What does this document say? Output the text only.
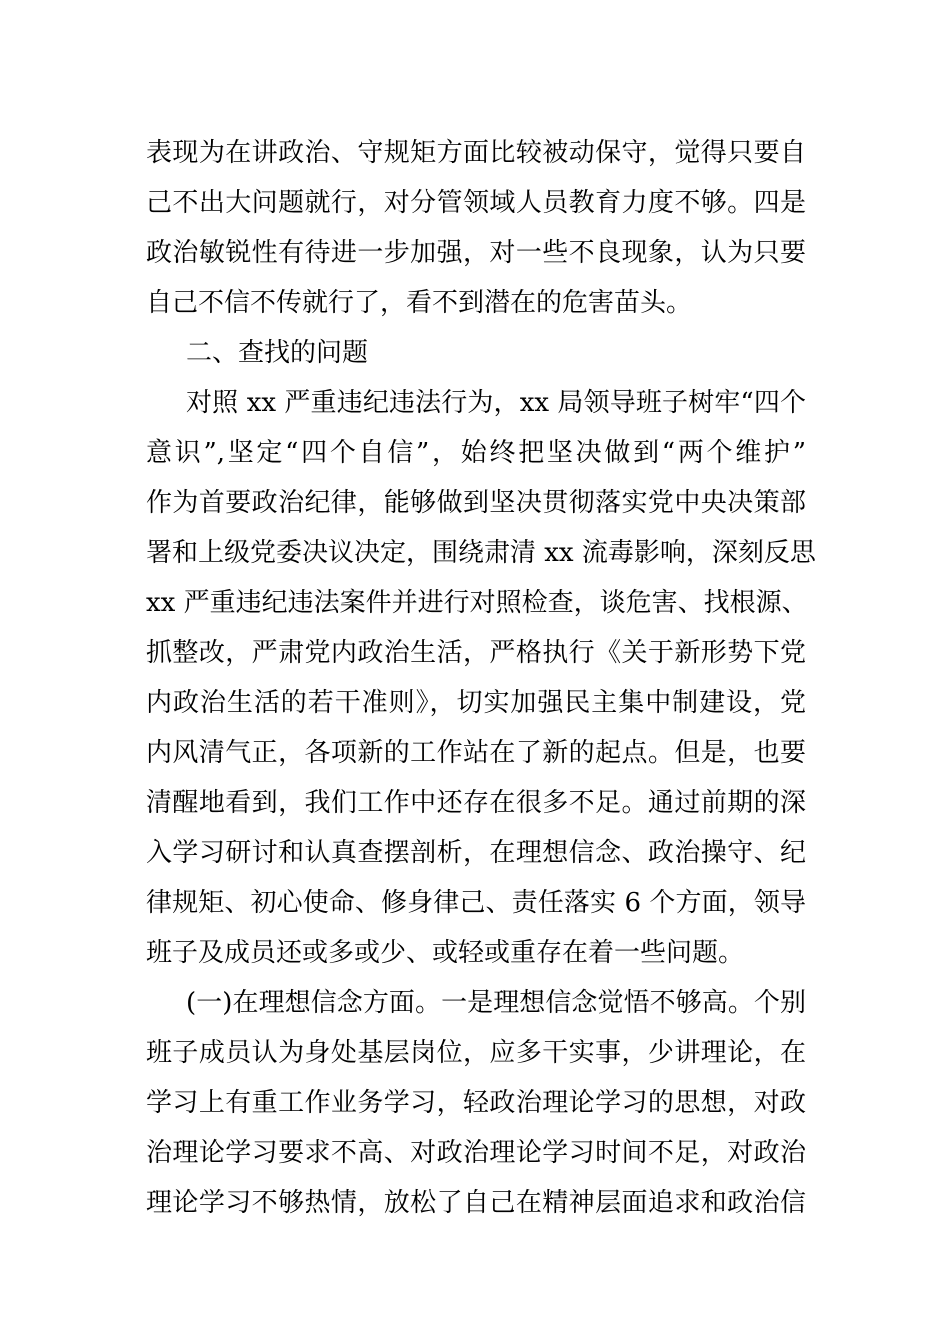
表现为在讲政治、守规矩方面比较被动保守，觉得只要自
己不出大问题就行，对分管领域人员教育力度不够。四是
政治敏锐性有待进一步加强，对一些不良现象，认为只要
自己不信不传就行了，看不到潜在的危害苗头。
二、查找的问题
对照 xx 严重违纪违法行为，xx 局领导班子树牢“四个
意识”,坚定“四个自信”，始终把坚决做到“两个维护”
作为首要政治纪律，能够做到坚决贯彻落实党中央决策部
署和上级党委决议决定，围绕肃清 xx 流毒影响，深刻反思
xx 严重违纪违法案件并进行对照检查，谈危害、找根源、
抓整改，严肃党内政治生活，严格执行《关于新形势下党
内政治生活的若干准则》，切实加强民主集中制建设，党
内风清气正，各项新的工作站在了新的起点。但是，也要
清醒地看到，我们工作中还存在很多不足。通过前期的深
入学习研讨和认真查摆剖析，在理想信念、政治操守、纪
律规矩、初心使命、修身律己、责任落实 6 个方面，领导
班子及成员还或多或少、或轻或重存在着一些问题。
(一)在理想信念方面。一是理想信念觉悟不够高。个别
班子成员认为身处基层岗位，应多干实事，少讲理论，在
学习上有重工作业务学习，轻政治理论学习的思想，对政
治理论学习要求不高、对政治理论学习时间不足，对政治
理论学习不够热情，放松了自己在精神层面追求和政治信
